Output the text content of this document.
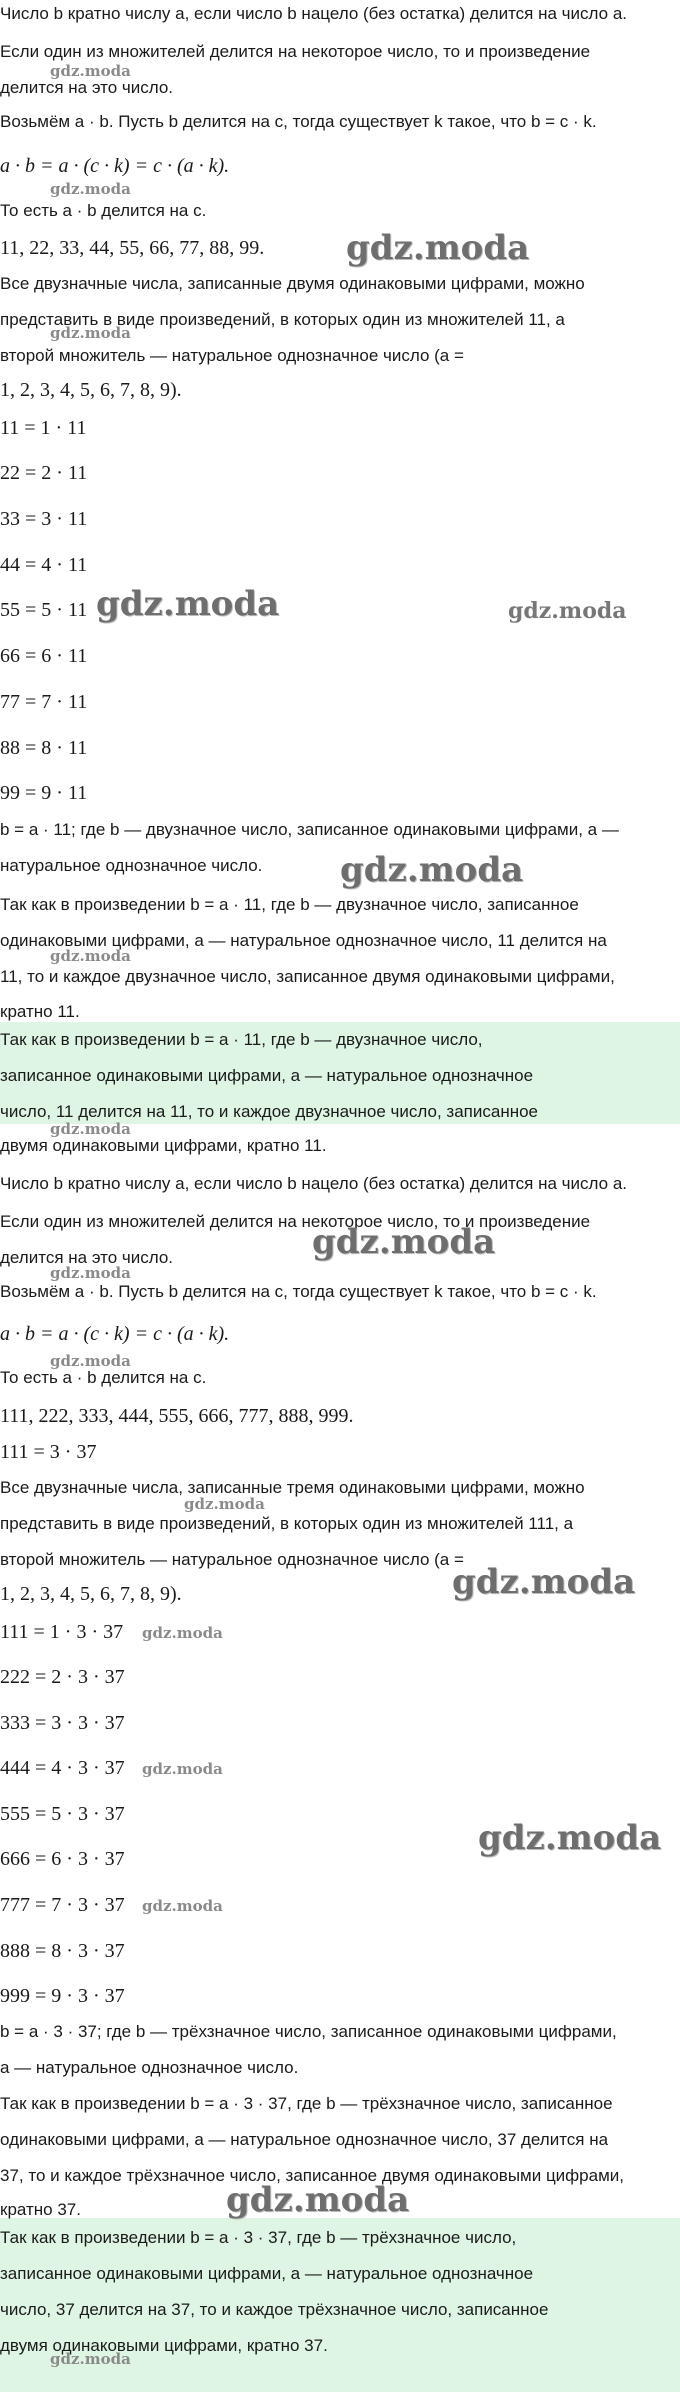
Число b кратно числу a, если число b нацело (без остатка) делится на число a.
Если один из множителей делится на некоторое число, то и произведение
делится на это число.
Возьмём a · b. Пусть b делится на c, тогда существует k такое, что b = c · k.
a · b = a · (c · k) = c · (a · k).
То есть a · b делится на c.
11, 22, 33, 44, 55, 66, 77, 88, 99.
Все двузначные числа, записанные двумя одинаковыми цифрами, можно
представить в виде произведений, в которых один из множителей 11, а
второй множитель — натуральное однозначное число (a =
1, 2, 3, 4, 5, 6, 7, 8, 9).
11 = 1 · 11
22 = 2 · 11
33 = 3 · 11
44 = 4 · 11
55 = 5 · 11
66 = 6 · 11
77 = 7 · 11
88 = 8 · 11
99 = 9 · 11
b = a · 11; где b — двузначное число, записанное одинаковыми цифрами, a —
натуральное однозначное число.
Так как в произведении b = a · 11, где b — двузначное число, записанное
одинаковыми цифрами, a — натуральное однозначное число, 11 делится на
11, то и каждое двузначное число, записанное двумя одинаковыми цифрами,
кратно 11.
Так как в произведении b = a · 11, где b — двузначное число,
записанное одинаковыми цифрами, a — натуральное однозначное
число, 11 делится на 11, то и каждое двузначное число, записанное
двумя одинаковыми цифрами, кратно 11.
Число b кратно числу a, если число b нацело (без остатка) делится на число a.
Если один из множителей делится на некоторое число, то и произведение
делится на это число.
Возьмём a · b. Пусть b делится на c, тогда существует k такое, что b = c · k.
a · b = a · (c · k) = c · (a · k).
То есть a · b делится на c.
111, 222, 333, 444, 555, 666, 777, 888, 999.
111 = 3 · 37
Все двузначные числа, записанные тремя одинаковыми цифрами, можно
представить в виде произведений, в которых один из множителей 111, а
второй множитель — натуральное однозначное число (a =
1, 2, 3, 4, 5, 6, 7, 8, 9).
111 = 1 · 3 · 37
222 = 2 · 3 · 37
333 = 3 · 3 · 37
444 = 4 · 3 · 37
555 = 5 · 3 · 37
666 = 6 · 3 · 37
777 = 7 · 3 · 37
888 = 8 · 3 · 37
999 = 9 · 3 · 37
b = a · 3 · 37; где b — трёхзначное число, записанное одинаковыми цифрами,
a — натуральное однозначное число.
Так как в произведении b = a · 3 · 37, где b — трёхзначное число, записанное
одинаковыми цифрами, a — натуральное однозначное число, 37 делится на
37, то и каждое трёхзначное число, записанное двумя одинаковыми цифрами,
кратно 37.
Так как в произведении b = a · 3 · 37, где b — трёхзначное число,
записанное одинаковыми цифрами, a — натуральное однозначное
число, 37 делится на 37, то и каждое трёхзначное число, записанное
двумя одинаковыми цифрами, кратно 37.
gdz.moda
gdz.moda
gdz.moda
gdz.moda
gdz.moda	gdz.moda
gdz.moda
gdz.moda
gdz.moda
gdz.moda
gdz.moda
gdz.moda
gdz.moda
gdz.moda
gdz.moda
gdz.moda
gdz.moda
gdz.moda
gdz.moda
gdz.moda
